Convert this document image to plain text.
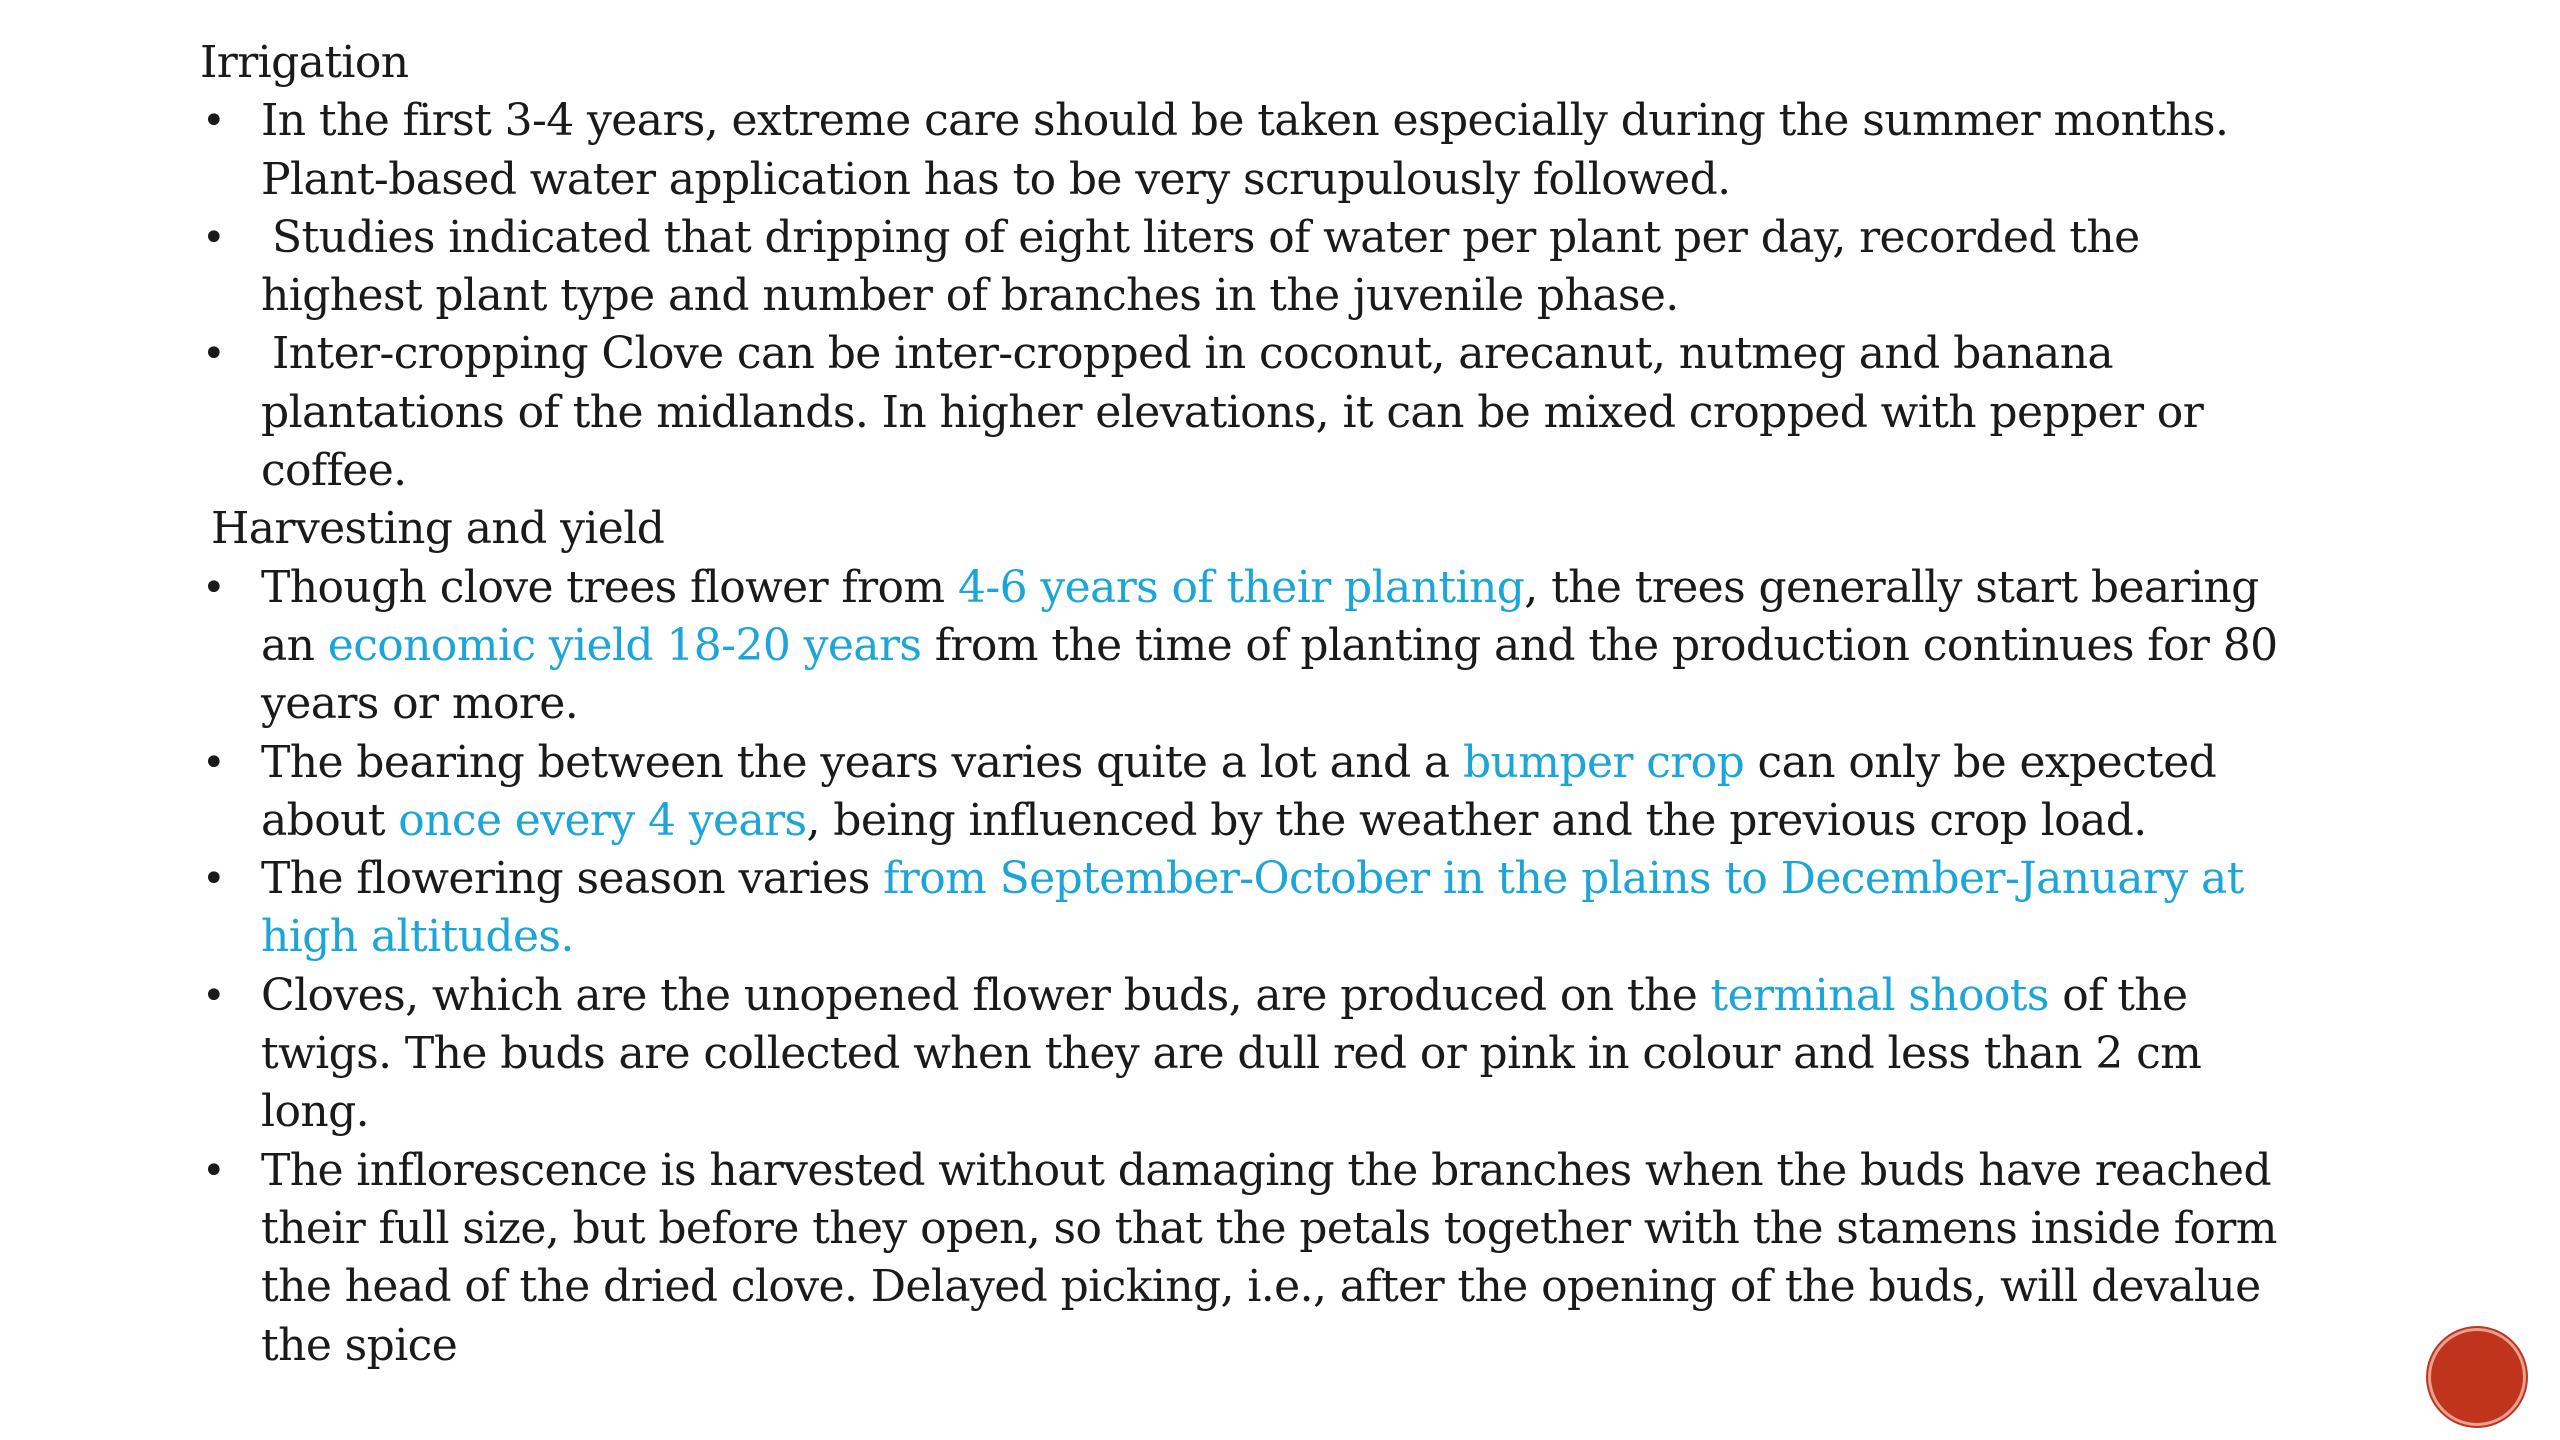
Irrigation
• In the first 3-4 years, extreme care should be taken especially during the summer months. Plant-based water application has to be very scrupulously followed.
• Studies indicated that dripping of eight liters of water per plant per day, recorded the highest plant type and number of branches in the juvenile phase.
• Inter-cropping Clove can be inter-cropped in coconut, arecanut, nutmeg and banana plantations of the midlands. In higher elevations, it can be mixed cropped with pepper or coffee.
Harvesting and yield
• Though clove trees flower from 4-6 years of their planting, the trees generally start bearing an economic yield 18-20 years from the time of planting and the production continues for 80 years or more.
• The bearing between the years varies quite a lot and a bumper crop can only be expected about once every 4 years, being influenced by the weather and the previous crop load.
• The flowering season varies from September-October in the plains to December-January at high altitudes.
• Cloves, which are the unopened flower buds, are produced on the terminal shoots of the twigs. The buds are collected when they are dull red or pink in colour and less than 2 cm long.
• The inflorescence is harvested without damaging the branches when the buds have reached their full size, but before they open, so that the petals together with the stamens inside form the head of the dried clove. Delayed picking, i.e., after the opening of the buds, will devalue the spice
